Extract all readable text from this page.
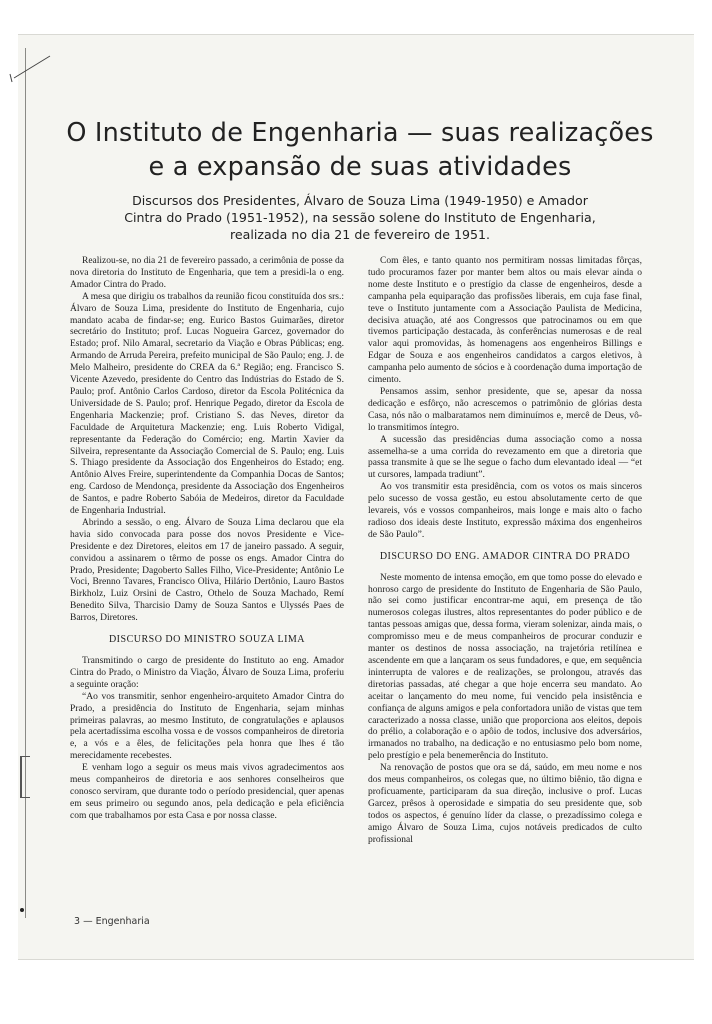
O Instituto de Engenharia — suas realizações e a expansão de suas atividades

Discursos dos Presidentes, Álvaro de Souza Lima (1949-1950) e Amador Cintra do Prado (1951-1952), na sessão solene do Instituto de Engenharia, realizada no dia 21 de fevereiro de 1951.

Realizou-se, no dia 21 de fevereiro passado, a cerimônia de posse da nova diretoria do Instituto de Engenharia, que tem a presidi-la o eng. Amador Cintra do Prado.

A mesa que dirigiu os trabalhos da reunião ficou constituída dos srs.: Álvaro de Souza Lima, presidente do Instituto de Engenharia, cujo mandato acaba de findar-se; eng. Eurico Bastos Guimarães, diretor secretário do Instituto; prof. Lucas Nogueira Garcez, governador do Estado; prof. Nilo Amaral, secretario da Viação e Obras Públicas; eng. Armando de Arruda Pereira, prefeito municipal de São Paulo; eng. J. de Melo Malheiro, presidente do CREA da 6.ª Região; eng. Francisco S. Vicente Azevedo, presidente do Centro das Indústrias do Estado de S. Paulo; prof. Antônio Carlos Cardoso, diretor da Escola Politécnica da Universidade de S. Paulo; prof. Henrique Pegado, diretor da Escola de Engenharia Mackenzie; prof. Cristiano S. das Neves, diretor da Faculdade de Arquitetura Mackenzie; eng. Luis Roberto Vidigal, representante da Federação do Comércio; eng. Martin Xavier da Silveira, representante da Associação Comercial de S. Paulo; eng. Luis S. Thiago presidente da Associação dos Engenheiros do Estado; eng. Antônio Alves Freire, superintendente da Companhia Docas de Santos; eng. Cardoso de Mendonça, presidente da Associação dos Engenheiros de Santos, e padre Roberto Sabóia de Medeiros, diretor da Faculdade de Engenharia Industrial.

Abrindo a sessão, o eng. Álvaro de Souza Lima declarou que ela havia sido convocada para posse dos novos Presidente e Vice-Presidente e dez Diretores, eleitos em 17 de janeiro passado. A seguir, convidou a assinarem o têrmo de posse os engs. Amador Cintra do Prado, Presidente; Dagoberto Salles Filho, Vice-Presidente; Antônio Le Voci, Brenno Tavares, Francisco Oliva, Hilário Dertônio, Lauro Bastos Birkholz, Luiz Orsini de Castro, Othelo de Souza Machado, Remí Benedito Silva, Tharcisio Damy de Souza Santos e Ulyssés Paes de Barros, Diretores.

DISCURSO DO MINISTRO SOUZA LIMA

Transmitindo o cargo de presidente do Instituto ao eng. Amador Cintra do Prado, o Ministro da Viação, Álvaro de Souza Lima, proferiu a seguinte oração:

“Ao vos transmitir, senhor engenheiro-arquiteto Amador Cintra do Prado, a presidência do Instituto de Engenharia, sejam minhas primeiras palavras, ao mesmo Instituto, de congratulações e aplausos pela acertadíssima escolha vossa e de vossos companheiros de diretoria e, a vós e a êles, de felicitações pela honra que lhes é tão merecidamente recebestes.

E venham logo a seguir os meus mais vivos agradecimentos aos meus companheiros de diretoria e aos senhores conselheiros que conosco serviram, que durante todo o período presidencial, quer apenas em seus primeiro ou segundo anos, pela dedicação e pela eficiência com que trabalhamos por esta Casa e por nossa classe.

Com êles, e tanto quanto nos permitiram nossas limitadas fôrças, tudo procuramos fazer por manter bem altos ou mais elevar ainda o nome deste Instituto e o prestígio da classe de engenheiros, desde a campanha pela equiparação das profissões liberais, em cuja fase final, teve o Instituto juntamente com a Associação Paulista de Medicina, decisiva atuação, até aos Congressos que patrocinamos ou em que tivemos participação destacada, às conferências numerosas e de real valor aqui promovidas, às homenagens aos engenheiros Billings e Edgar de Souza e aos engenheiros candidatos a cargos eletivos, à campanha pelo aumento de sócios e à coordenação duma importação de cimento.

Pensamos assim, senhor presidente, que se, apesar da nossa dedicação e esfôrço, não acrescemos o patrimônio de glórias desta Casa, nós não o malbaratamos nem diminuímos e, mercê de Deus, vô-lo transmitimos íntegro.

A sucessão das presidências duma associação como a nossa assemelha-se a uma corrida do revezamento em que a diretoria que passa transmite à que se lhe segue o facho dum elevantado ideal — “et ut cursores, lampada tradiunt”.

Ao vos transmitir esta presidência, com os votos os mais sinceros pelo sucesso de vossa gestão, eu estou absolutamente certo de que levareis, vós e vossos companheiros, mais longe e mais alto o facho radioso dos ideais deste Instituto, expressão máxima dos engenheiros de São Paulo”.

DISCURSO DO ENG. AMADOR CINTRA DO PRADO

Neste momento de intensa emoção, em que tomo posse do elevado e honroso cargo de presidente do Instituto de Engenharia de São Paulo, não sei como justificar encontrar-me aqui, em presença de tão numerosos colegas ilustres, altos representantes do poder público e de tantas pessoas amigas que, dessa forma, vieram solenizar, ainda mais, o compromisso meu e de meus companheiros de procurar conduzir e manter os destinos de nossa associação, na trajetória retilínea e ascendente em que a lançaram os seus fundadores, e que, em sequência ininterrupta de valores e de realizações, se prolongou, através das diretorias passadas, até chegar a que hoje encerra seu mandato. Ao aceitar o lançamento do meu nome, fui vencido pela insistência e confiança de alguns amigos e pela confortadora união de vistas que tem caracterizado a nossa classe, união que proporciona aos eleitos, depois do prélio, a colaboração e o apôio de todos, inclusive dos adversários, irmanados no trabalho, na dedicação e no entusiasmo pelo bom nome, pelo prestígio e pela benemerência do Instituto.

Na renovação de postos que ora se dá, saúdo, em meu nome e nos dos meus companheiros, os colegas que, no último biênio, tão digna e proficuamente, participaram da sua direção, inclusive o prof. Lucas Garcez, prêsos à operosidade e simpatia do seu presidente que, sob todos os aspectos, é genuíno líder da classe, o prezadíssimo colega e amigo Álvaro de Souza Lima, cujos notáveis predicados de culto profissional

3 — Engenharia
